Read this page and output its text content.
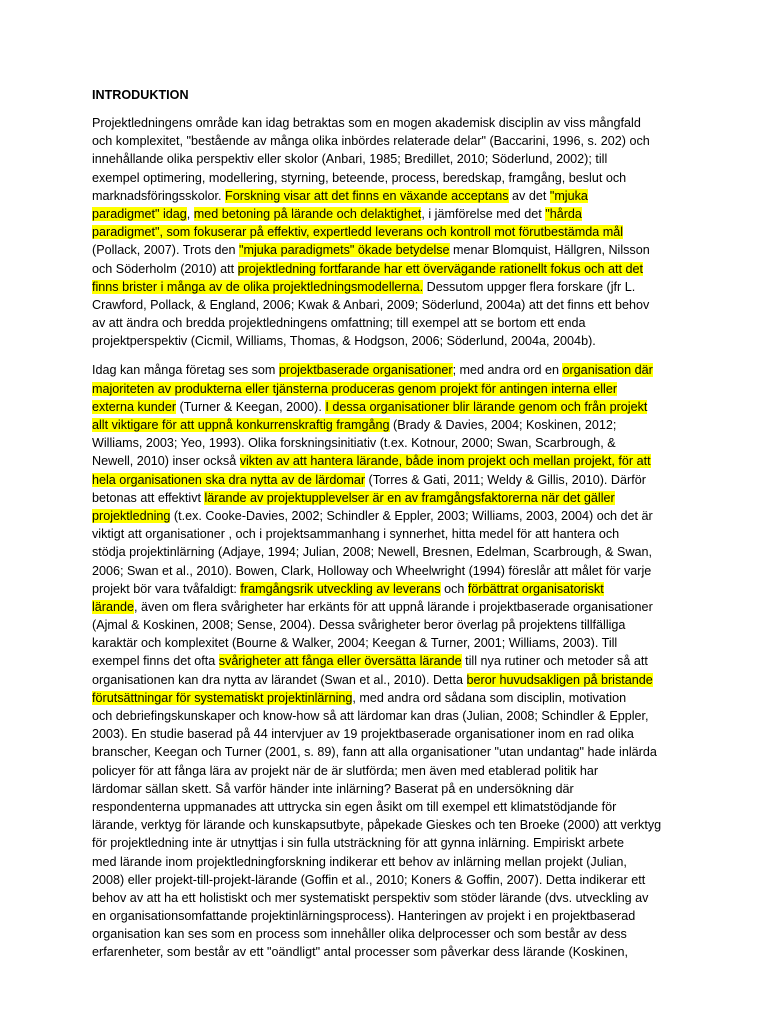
INTRODUKTION
Projektledningens område kan idag betraktas som en mogen akademisk disciplin av viss mångfald
och komplexitet, "bestående av många olika inbördes relaterade delar" (Baccarini, 1996, s. 202) och
innehållande olika perspektiv eller skolor (Anbari, 1985; Bredillet, 2010; Söderlund, 2002); till
exempel optimering, modellering, styrning, beteende, process, beredskap, framgång, beslut och
marknadsföringsskolor. Forskning visar att det finns en växande acceptans av det "mjuka
paradigmet" idag, med betoning på lärande och delaktighet, i jämförelse med det "hårda
paradigmet", som fokuserar på effektiv, expertledd leverans och kontroll mot förutbestämda mål
(Pollack, 2007). Trots den "mjuka paradigmets" ökade betydelse menar Blomquist, Hällgren, Nilsson
och Söderholm (2010) att projektledning fortfarande har ett övervägande rationellt fokus och att det
finns brister i många av de olika projektledningsmodellerna. Dessutom uppger flera forskare (jfr L.
Crawford, Pollack, & England, 2006; Kwak & Anbari, 2009; Söderlund, 2004a) att det finns ett behov
av att ändra och bredda projektledningens omfattning; till exempel att se bortom ett enda
projektperspektiv (Cicmil, Williams, Thomas, & Hodgson, 2006; Söderlund, 2004a, 2004b).
Idag kan många företag ses som projektbaserade organisationer; med andra ord en organisation där
majoriteten av produkterna eller tjänsterna produceras genom projekt för antingen interna eller
externa kunder (Turner & Keegan, 2000). I dessa organisationer blir lärande genom och från projekt
allt viktigare för att uppnå konkurrenskraftig framgång (Brady & Davies, 2004; Koskinen, 2012;
Williams, 2003; Yeo, 1993). Olika forskningsinitiativ (t.ex. Kotnour, 2000; Swan, Scarbrough, &
Newell, 2010) inser också vikten av att hantera lärande, både inom projekt och mellan projekt, för att
hela organisationen ska dra nytta av de lärdomar (Torres & Gati, 2011; Weldy & Gillis, 2010). Därför
betonas att effektivt lärande av projektupplevelser är en av framgångsfaktorerna när det gäller
projektledning (t.ex. Cooke-Davies, 2002; Schindler & Eppler, 2003; Williams, 2003, 2004) och det är
viktigt att organisationer , och i projektsammanhang i synnerhet, hitta medel för att hantera och
stödja projektinlärning (Adjaye, 1994; Julian, 2008; Newell, Bresnen, Edelman, Scarbrough, & Swan,
2006; Swan et al., 2010). Bowen, Clark, Holloway och Wheelwright (1994) föreslår att målet för varje
projekt bör vara tvåfaldigt: framgångsrik utveckling av leverans och förbättrat organisatoriskt
lärande, även om flera svårigheter har erkänts för att uppnå lärande i projektbaserade organisationer
(Ajmal & Koskinen, 2008; Sense, 2004). Dessa svårigheter beror överlag på projektens tillfälliga
karaktär och komplexitet (Bourne & Walker, 2004; Keegan & Turner, 2001; Williams, 2003). Till
exempel finns det ofta svårigheter att fånga eller översätta lärande till nya rutiner och metoder så att
organisationen kan dra nytta av lärandet (Swan et al., 2010). Detta beror huvudsakligen på bristande
förutsättningar för systematiskt projektinlärning, med andra ord sådana som disciplin, motivation
och debriefingskunskaper och know-how så att lärdomar kan dras (Julian, 2008; Schindler & Eppler,
2003). En studie baserad på 44 intervjuer av 19 projektbaserade organisationer inom en rad olika
branscher, Keegan och Turner (2001, s. 89), fann att alla organisationer "utan undantag" hade inlärda
policyer för att fånga lära av projekt när de är slutförda; men även med etablerad politik har
lärdomar sällan skett. Så varför händer inte inlärning? Baserat på en undersökning där
respondenterna uppmanades att uttrycka sin egen åsikt om till exempel ett klimatstödjande för
lärande, verktyg för lärande och kunskapsutbyte, påpekade Gieskes och ten Broeke (2000) att verktyg
för projektledning inte är utnyttjas i sin fulla utsträckning för att gynna inlärning. Empiriskt arbete
med lärande inom projektledningforskning indikerar ett behov av inlärning mellan projekt (Julian,
2008) eller projekt-till-projekt-lärande (Goffin et al., 2010; Koners & Goffin, 2007). Detta indikerar ett
behov av att ha ett holistiskt och mer systematiskt perspektiv som stöder lärande (dvs. utveckling av
en organisationsomfattande projektinlärningsprocess). Hanteringen av projekt i en projektbaserad
organisation kan ses som en process som innehåller olika delprocesser och som består av dess
erfarenheter, som består av ett "oändligt" antal processer som påverkar dess lärande (Koskinen,
